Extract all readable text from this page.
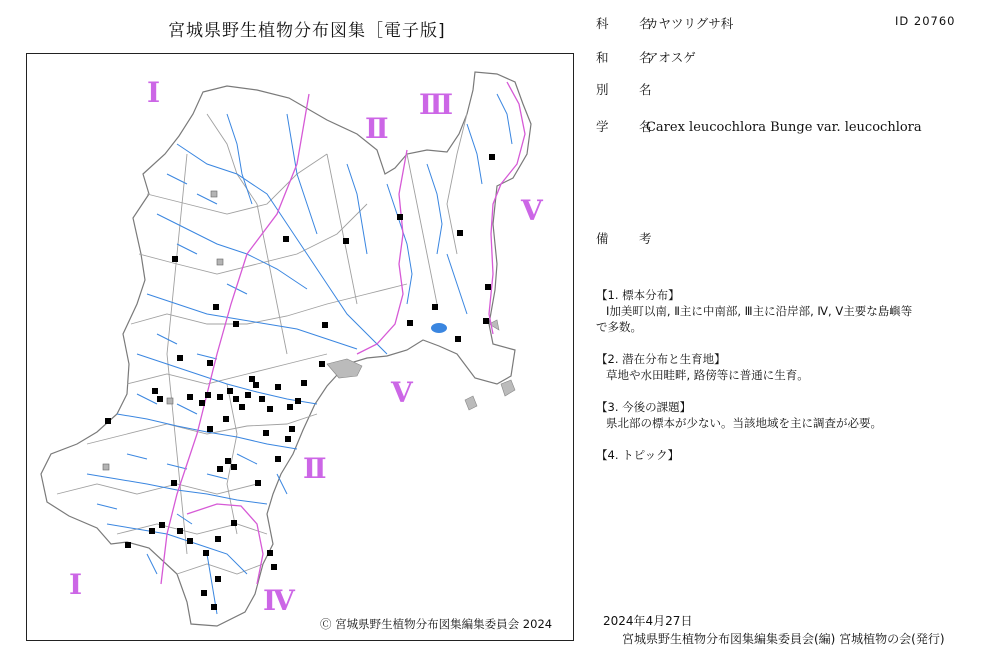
宮城県野生植物分布図集［電子版]
Ⅰ
Ⅱ
Ⅲ
Ⅴ
Ⅴ
Ⅱ
Ⅰ	Ⅳ
Ⓒ 宮城県野生植物分布図集編集委員会 2024
科　名 カヤツリグサ科	ID 20760
和　名 アオスゲ
別　名
学　名 Carex leucochlora Bunge var. leucochlora
備　考
【1. 標本分布】
Ⅰ加美町以南, Ⅱ主に中南部, Ⅲ主に沿岸部, Ⅳ, Ⅴ主要な島嶼等
で多数。
【2. 潜在分布と生育地】
草地や水田畦畔, 路傍等に普通に生育。
【3. 今後の課題】
県北部の標本が少ない。当該地域を主に調査が必要。
【4. トピック】
2024年4月27日
宮城県野生植物分布図集編集委員会(編) 宮城植物の会(発行)
